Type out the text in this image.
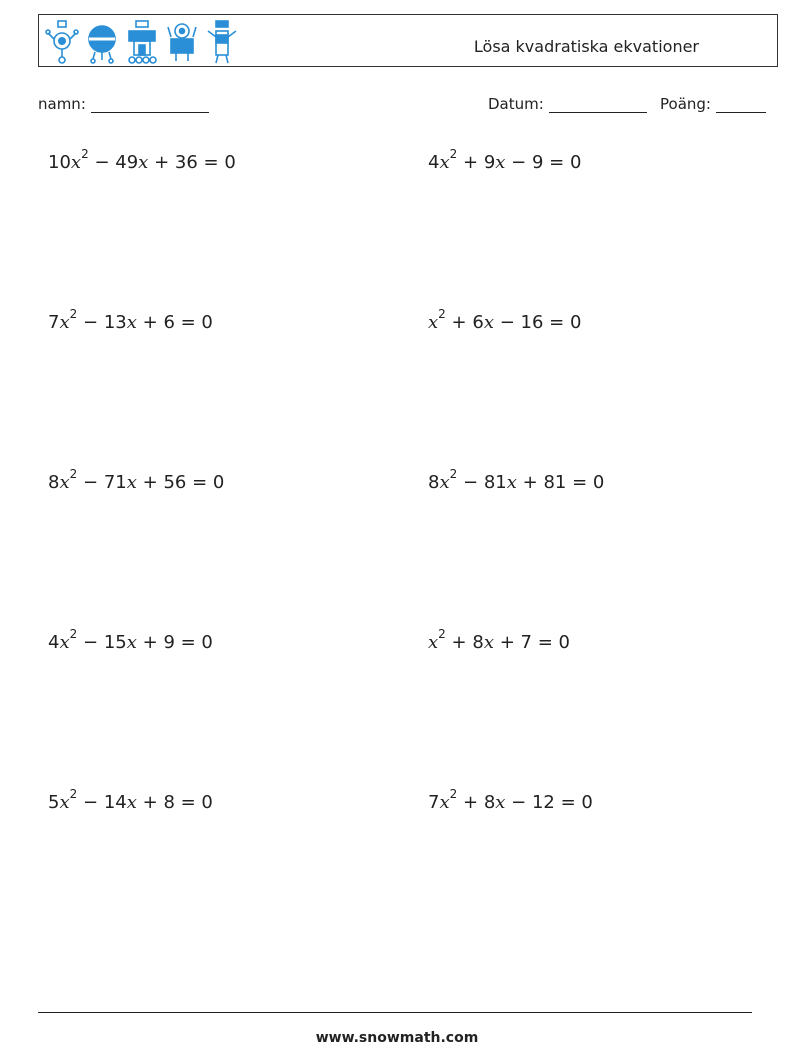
Lösa kvadratiska ekvationer
namn:	Datum:	Poäng:
$10x^2 - 49x + 36 = 0$	$4x^2 + 9x - 9 = 0$
$7x^2 - 13x + 6 = 0$	$x^2 + 6x - 16 = 0$
$8x^2 - 71x + 56 = 0$	$8x^2 - 81x + 81 = 0$
$4x^2 - 15x + 9 = 0$	$x^2 + 8x + 7 = 0$
$5x^2 - 14x + 8 = 0$	$7x^2 + 8x - 12 = 0$
www.snowmath.com
